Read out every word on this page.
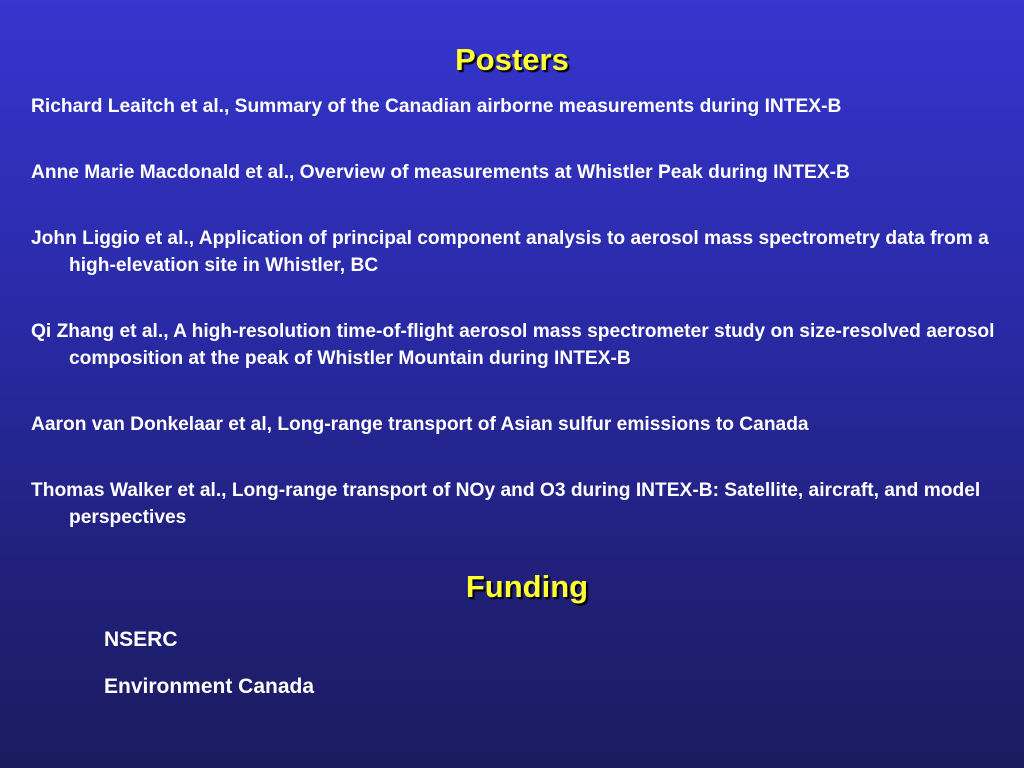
Posters
Richard Leaitch et al., Summary of the Canadian airborne measurements during INTEX-B
Anne Marie Macdonald et al., Overview of measurements at Whistler Peak during INTEX-B
John Liggio et al., Application of principal component analysis to aerosol mass spectrometry data from a high-elevation site in Whistler, BC
Qi Zhang et al., A high-resolution time-of-flight aerosol mass spectrometer study on size-resolved aerosol composition at the peak of Whistler Mountain during INTEX-B
Aaron van Donkelaar et al, Long-range transport of Asian sulfur emissions to Canada
Thomas Walker et al., Long-range transport of NOy and O3 during INTEX-B: Satellite, aircraft, and model perspectives
Funding
NSERC
Environment Canada
